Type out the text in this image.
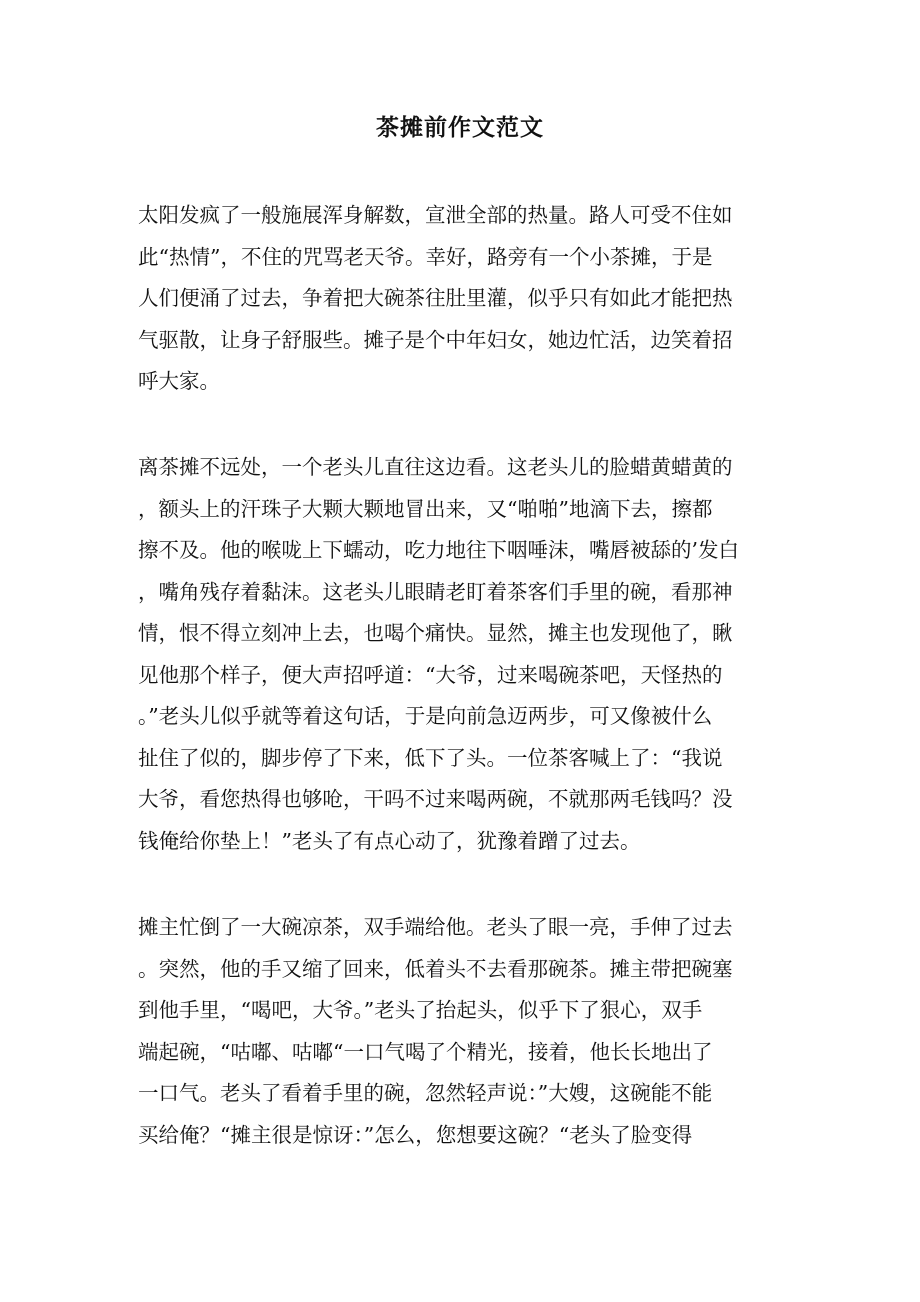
茶摊前作文范文
太阳发疯了一般施展浑身解数，宣泄全部的热量。路人可受不住如
此“热情”，不住的咒骂老天爷。幸好，路旁有一个小茶摊，于是
人们便涌了过去，争着把大碗茶往肚里灌，似乎只有如此才能把热
气驱散，让身子舒服些。摊子是个中年妇女，她边忙活，边笑着招
呼大家。
离茶摊不远处，一个老头儿直往这边看。这老头儿的脸蜡黄蜡黄的
，额头上的汗珠子大颗大颗地冒出来，又“啪啪”地滴下去，擦都
擦不及。他的喉咙上下蠕动，吃力地往下咽唾沫，嘴唇被舔的’发白
，嘴角残存着黏沫。这老头儿眼睛老盯着茶客们手里的碗，看那神
情，恨不得立刻冲上去，也喝个痛快。显然，摊主也发现他了，瞅
见他那个样子，便大声招呼道：“大爷，过来喝碗茶吧，天怪热的
。”老头儿似乎就等着这句话，于是向前急迈两步，可又像被什么
扯住了似的，脚步停了下来，低下了头。一位茶客喊上了：“我说
大爷，看您热得也够呛，干吗不过来喝两碗，不就那两毛钱吗？没
钱俺给你垫上！”老头了有点心动了，犹豫着蹭了过去。
摊主忙倒了一大碗凉茶，双手端给他。老头了眼一亮，手伸了过去
。突然，他的手又缩了回来，低着头不去看那碗茶。摊主带把碗塞
到他手里，“喝吧，大爷。”老头了抬起头，似乎下了狠心，双手
端起碗，“咕嘟、咕嘟“一口气喝了个精光，接着，他长长地出了
一口气。老头了看着手里的碗，忽然轻声说：”大嫂，这碗能不能
买给俺？“摊主很是惊讶：”怎么，您想要这碗？“老头了脸变得
